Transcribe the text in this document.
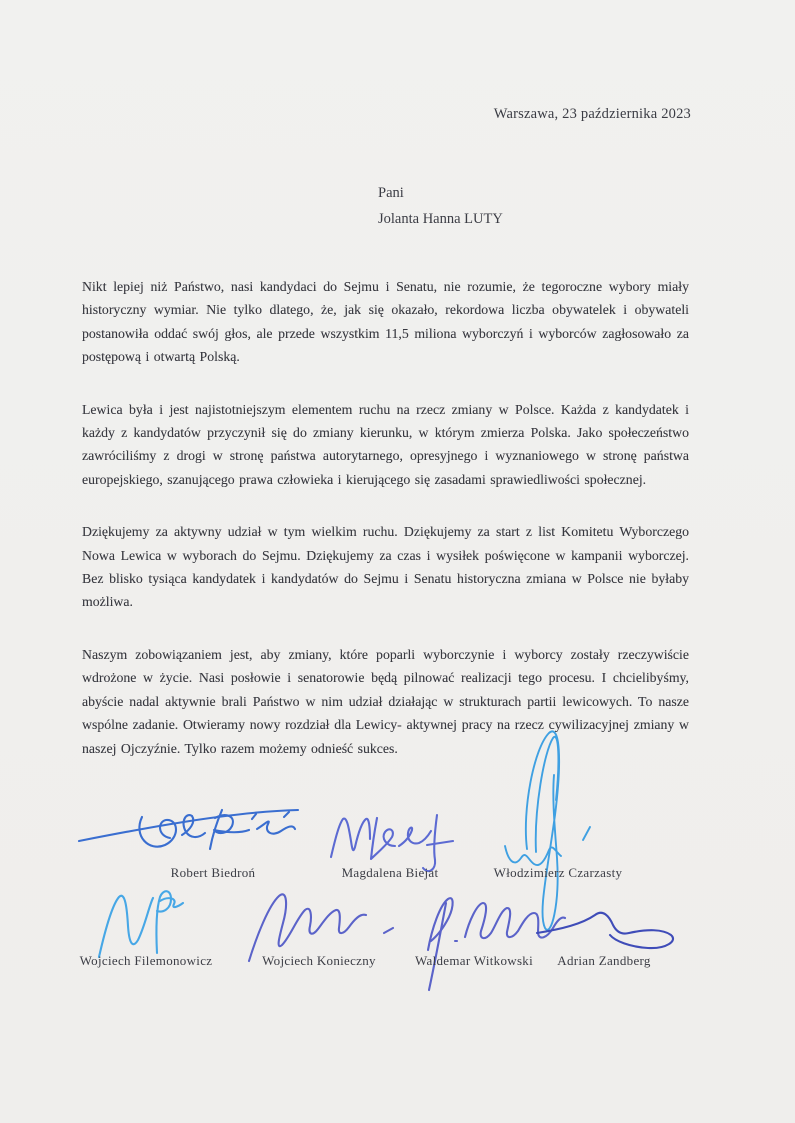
Warszawa, 23 października 2023
Pani
Jolanta Hanna LUTY

Nikt lepiej niż Państwo, nasi kandydaci do Sejmu i Senatu, nie rozumie, że tegoroczne wybory miały historyczny wymiar. Nie tylko dlatego, że, jak się okazało, rekordowa liczba obywatelek i obywateli postanowiła oddać swój głos, ale przede wszystkim 11,5 miliona wyborczyń i wyborców zagłosowało za postępową i otwartą Polską.

Lewica była i jest najistotniejszym elementem ruchu na rzecz zmiany w Polsce. Każda z kandydatek i każdy z kandydatów przyczynił się do zmiany kierunku, w którym zmierza Polska. Jako społeczeństwo zawróciliśmy z drogi w stronę państwa autorytarnego, opresyjnego i wyznaniowego w stronę państwa europejskiego, szanującego prawa człowieka i kierującego się zasadami sprawiedliwości społecznej.

Dziękujemy za aktywny udział w tym wielkim ruchu. Dziękujemy za start z list Komitetu Wyborczego Nowa Lewica w wyborach do Sejmu. Dziękujemy za czas i wysiłek poświęcone w kampanii wyborczej. Bez blisko tysiąca kandydatek i kandydatów do Sejmu i Senatu historyczna zmiana w Polsce nie byłaby możliwa.

Naszym zobowiązaniem jest, aby zmiany, które poparli wyborczynie i wyborcy zostały rzeczywiście wdrożone w życie. Nasi posłowie i senatorowie będą pilnować realizacji tego procesu. I chcielibyśmy, abyście nadal aktywnie brali Państwo w nim udział działając w strukturach partii lewicowych. To nasze wspólne zadanie. Otwieramy nowy rozdział dla Lewicy- aktywnej pracy na rzecz cywilizacyjnej zmiany w naszej Ojczyźnie. Tylko razem możemy odnieść sukces.

Robert Biedroń	Magdalena Biejat	Włodzimierz Czarzasty
Wojciech Filemonowicz	Wojciech Konieczny	Waldemar Witkowski Adrian Zandberg
